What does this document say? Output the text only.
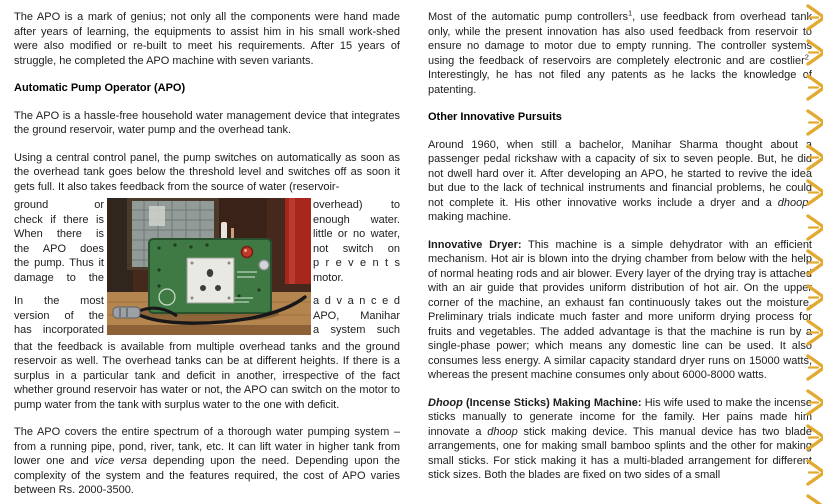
The APO is a mark of genius; not only all the components were hand made after years of learning, the equipments to assist him in his small work-shed were also modified or re-built to meet his requirements. After 15 years of struggle, he completed the APO machine with seven variants.

Automatic Pump Operator (APO)

The APO is a hassle-free household water management device that integrates the ground reservoir, water pump and the overhead tank.

Using a central control panel, the pump switches on automatically as soon as the overhead tank goes below the threshold level and switches off as soon it gets full. It also takes feedback from the source of water (reservoir-

ground or
check if there is
When there is
the APO does
the pump. Thus it
damage to the
In the most
version of the
has incorporated
overhead) to
enough water.
little or no water,
not switch on
p r e v e n t s
motor.
a d v a n c e d
APO, Manihar
a system such

that the feedback is available from multiple overhead tanks and the ground reservoir as well. The overhead tanks can be at different heights. If there is a surplus in a particular tank and deficit in another, irrespective of the fact whether ground reservoir has water or not, the APO can switch on the motor to pump water from the tank with surplus water to the one with deficit.

The APO covers the entire spectrum of a thorough water pumping system – from a running pipe, pond, river, tank, etc. It can lift water in higher tank from lower one and vice versa depending upon the need. Depending upon the complexity of the system and the features required, the cost of APO varies between Rs. 2000-3500.

Most of the automatic pump controllers$^1$, use feedback from overhead tank only, while the present innovation has also used feedback from reservoir to ensure no damage to motor due to empty running. The controller systems using the feedback of reservoirs are completely electronic and are costlier$^2$. Interestingly, he has not filed any patents as he lacks the knowledge of patenting.

Other Innovative Pursuits

Around 1960, when still a bachelor, Manihar Sharma thought about a passenger pedal rickshaw with a capacity of six to seven people. But, he did not dwell hard over it. After developing an APO, he started to revive the idea but due to the lack of technical instruments and financial problems, he could not complete it. His other innovative works include a dryer and a dhoop-making machine.

Innovative Dryer: This machine is a simple dehydrator with an efficient mechanism. Hot air is blown into the drying chamber from below with the help of normal heating rods and air blower. Every layer of the drying tray is attached with an air guide that provides uniform distribution of hot air. On the upper corner of the machine, an exhaust fan continuously takes out the moisture. Preliminary trials indicate much faster and more uniform drying process for fruits and vegetables. The added advantage is that the machine is run by a single-phase power; which means any domestic line can be used. It also consumes less energy. A similar capacity standard dryer runs on 15000 watts, whereas the present machine consumes only about 6000-8000 watts.

Dhoop (Incense Sticks) Making Machine: His wife used to make the incense sticks manually to generate income for the family. Her pains made him innovate a dhoop stick making device. This manual device has two blade arrangements, one for making small bamboo splints and the other for making small sticks. For stick making it has a multi-bladed arrangement for different stick sizes. Both the blades are fixed on two sides of a small
